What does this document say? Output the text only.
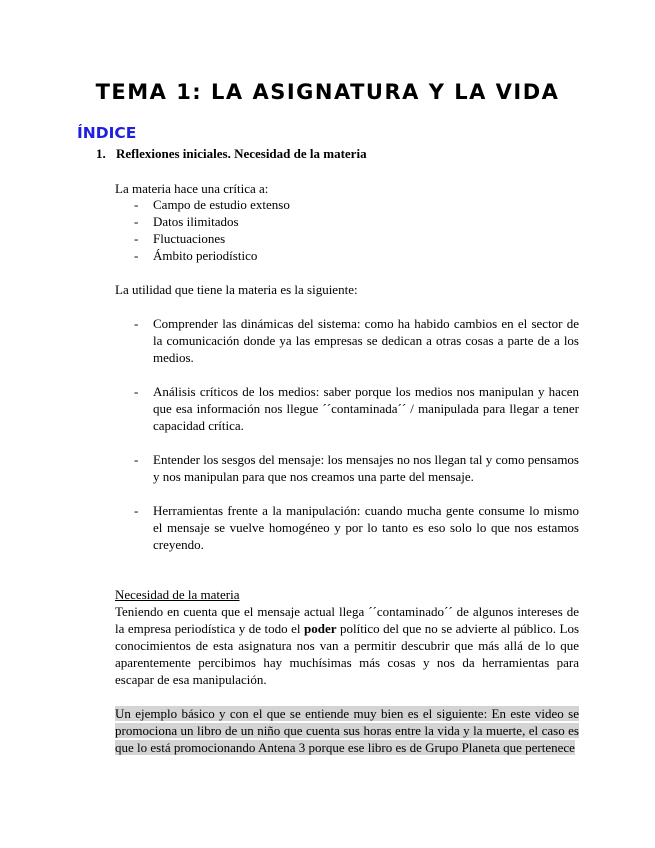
TEMA 1: LA ASIGNATURA Y LA VIDA
ÍNDICE
1. Reflexiones iniciales. Necesidad de la materia
La materia hace una crítica a:
- Campo de estudio extenso
- Datos ilimitados
- Fluctuaciones
- Ámbito periodístico
La utilidad que tiene la materia es la siguiente:
- Comprender las dinámicas del sistema: como ha habido cambios en el sector de la comunicación donde ya las empresas se dedican a otras cosas a parte de a los medios.
- Análisis críticos de los medios: saber porque los medios nos manipulan y hacen que esa información nos llegue ´´contaminada´´ / manipulada para llegar a tener capacidad crítica.
- Entender los sesgos del mensaje: los mensajes no nos llegan tal y como pensamos y nos manipulan para que nos creamos una parte del mensaje.
- Herramientas frente a la manipulación: cuando mucha gente consume lo mismo el mensaje se vuelve homogéneo y por lo tanto es eso solo lo que nos estamos creyendo.
Necesidad de la materia
Teniendo en cuenta que el mensaje actual llega ´´contaminado´´ de algunos intereses de la empresa periodística y de todo el poder político del que no se advierte al público. Los conocimientos de esta asignatura nos van a permitir descubrir que más allá de lo que aparentemente percibimos hay muchísimas más cosas y nos da herramientas para escapar de esa manipulación.
Un ejemplo básico y con el que se entiende muy bien es el siguiente: En este video se promociona un libro de un niño que cuenta sus horas entre la vida y la muerte, el caso es que lo está promocionando Antena 3 porque ese libro es de Grupo Planeta que pertenece
